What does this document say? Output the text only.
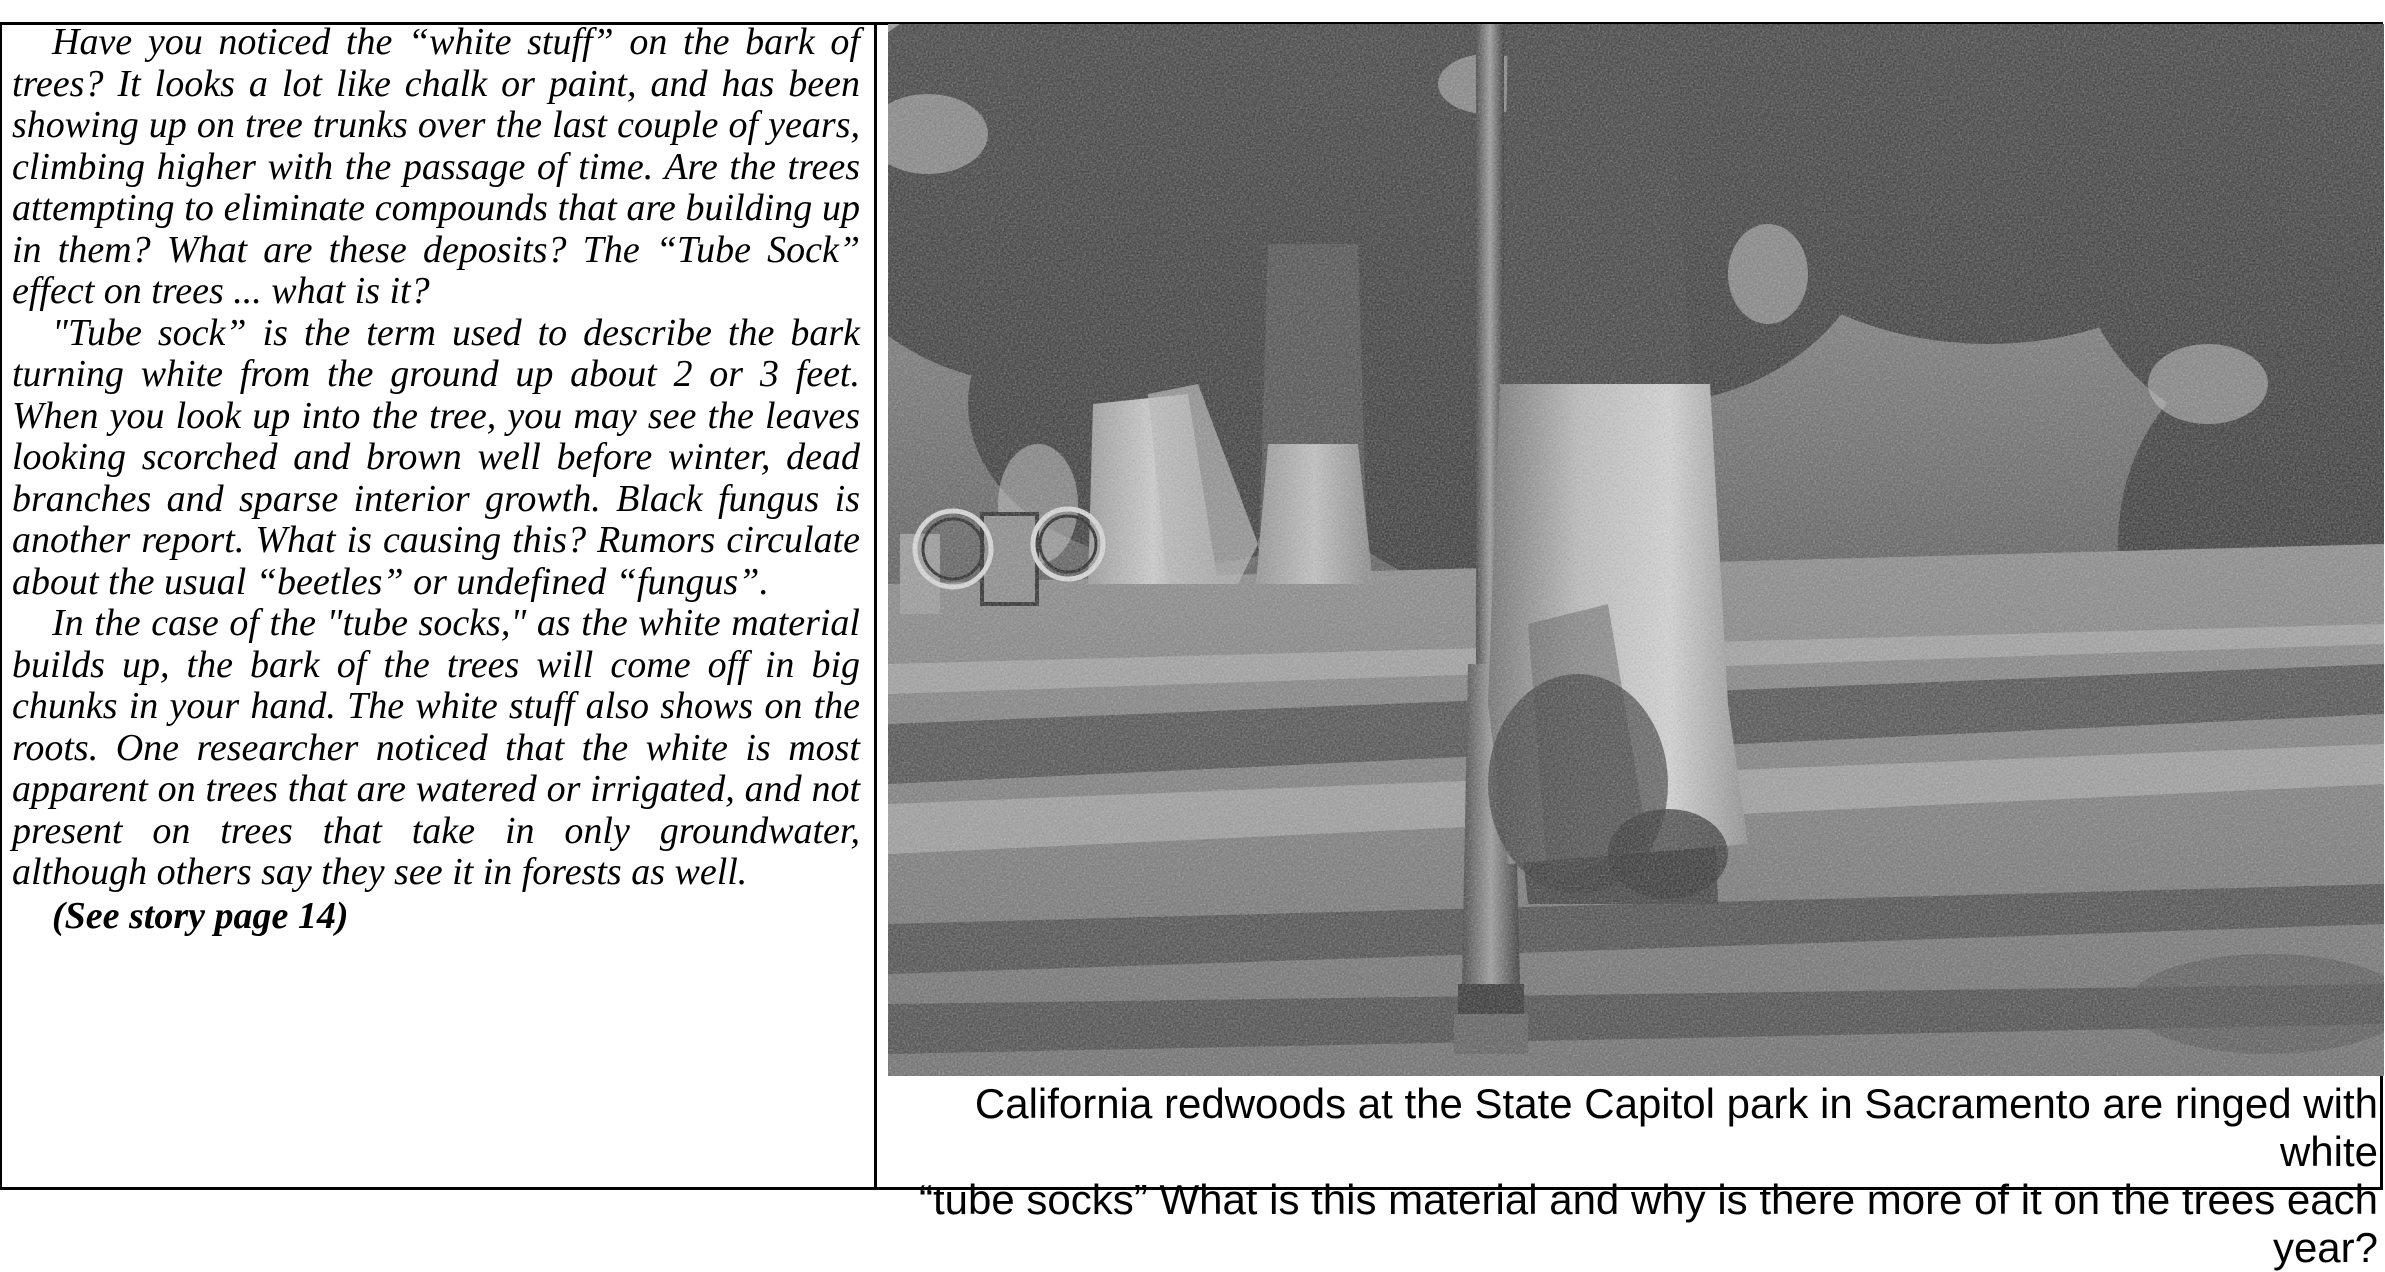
Have you noticed the “white stuff” on the bark of trees? It looks a lot like chalk or paint, and has been showing up on tree trunks over the last couple of years, climbing higher with the passage of time. Are the trees attempting to eliminate compounds that are building up in them? What are these deposits? The “Tube Sock” effect on trees ... what is it?

"Tube sock” is the term used to describe the bark turning white from the ground up about 2 or 3 feet. When you look up into the tree, you may see the leaves looking scorched and brown well before winter, dead branches and sparse interior growth. Black fungus is another report. What is causing this? Rumors circulate about the usual “beetles” or undefined “fungus”.

In the case of the "tube socks," as the white material builds up, the bark of the trees will come off in big chunks in your hand. The white stuff also shows on the roots. One researcher noticed that the white is most apparent on trees that are watered or irrigated, and not present on trees that take in only groundwater, although others say they see it in forests as well.

(See story page 14)

California redwoods at the State Capitol park in Sacramento are ringed with white
“tube socks” What is this material and why is there more of it on the trees each year?
